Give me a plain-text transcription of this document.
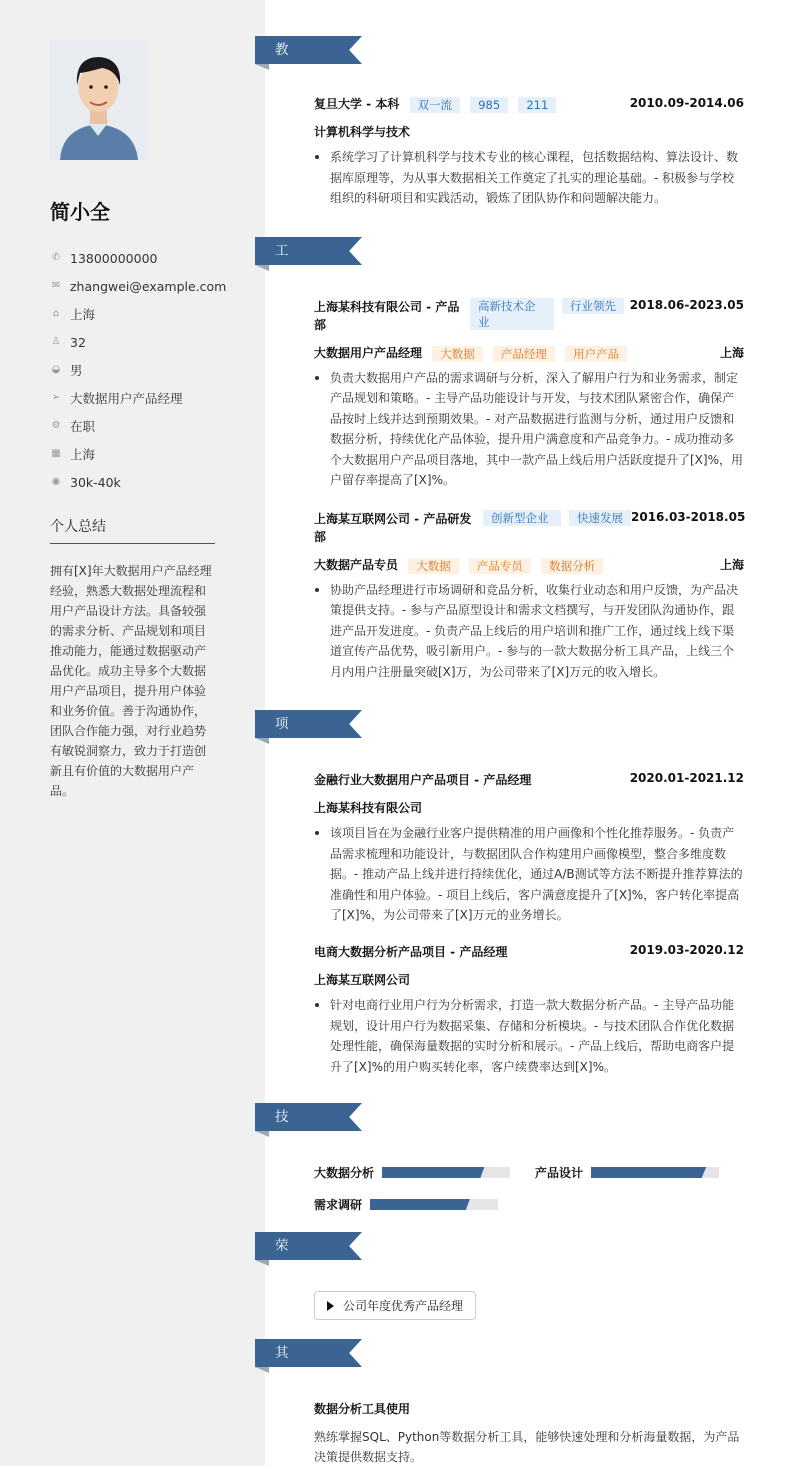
简小全
✆ 13800000000
✉ zhangwei@example.com
⌂ 上海
♙ 32
◒ 男
➢ 大数据用户产品经理
⚙ 在职
▦ 上海
◉ 30k-40k
个人总结
拥有[X]年大数据用户产品经理经验，熟悉大数据处理流程和用户产品设计方法。具备较强的需求分析、产品规划和项目推动能力，能通过数据驱动产品优化。成功主导多个大数据用户产品项目，提升用户体验和业务价值。善于沟通协作，团队合作能力强，对行业趋势有敏锐洞察力，致力于打造创新且有价值的大数据用户产品。
教育经历
复旦大学 - 本科 双一流 985 211	2010.09-2014.06
计算机科学与技术
系统学习了计算机科学与技术专业的核心课程，包括数据结构、算法设计、数据库原理等，为从事大数据相关工作奠定了扎实的理论基础。- 积极参与学校组织的科研项目和实践活动，锻炼了团队协作和问题解决能力。
工作经历
上海某科技有限公司 - 产品部
高新技术企业
行业领先	2018.06-2023.05
大数据用户产品经理 大数据 产品经理 用户产品	上海
负责大数据用户产品的需求调研与分析，深入了解用户行为和业务需求，制定产品规划和策略。- 主导产品功能设计与开发，与技术团队紧密合作，确保产品按时上线并达到预期效果。- 对产品数据进行监测与分析，通过用户反馈和数据分析，持续优化产品体验，提升用户满意度和产品竞争力。- 成功推动多个大数据用户产品项目落地，其中一款产品上线后用户活跃度提升了[X]%，用户留存率提高了[X]%。
上海某互联网公司 - 产品研发部
创新型企业	快速发展 2016.03-2018.05
大数据产品专员 大数据 产品专员 数据分析	上海
协助产品经理进行市场调研和竞品分析，收集行业动态和用户反馈，为产品决策提供支持。- 参与产品原型设计和需求文档撰写，与开发团队沟通协作，跟进产品开发进度。- 负责产品上线后的用户培训和推广工作，通过线上线下渠道宣传产品优势，吸引新用户。- 参与的一款大数据分析工具产品，上线三个月内用户注册量突破[X]万，为公司带来了[X]万元的收入增长。
项目经历
金融行业大数据用户产品项目 - 产品经理	2020.01-2021.12
上海某科技有限公司
该项目旨在为金融行业客户提供精准的用户画像和个性化推荐服务。- 负责产品需求梳理和功能设计，与数据团队合作构建用户画像模型，整合多维度数据。- 推动产品上线并进行持续优化，通过A/B测试等方法不断提升推荐算法的准确性和用户体验。- 项目上线后，客户满意度提升了[X]%，客户转化率提高了[X]%，为公司带来了[X]万元的业务增长。
电商大数据分析产品项目 - 产品经理	2019.03-2020.12
上海某互联网公司
针对电商行业用户行为分析需求，打造一款大数据分析产品。- 主导产品功能规划，设计用户行为数据采集、存储和分析模块。- 与技术团队合作优化数据处理性能，确保海量数据的实时分析和展示。- 产品上线后，帮助电商客户提升了[X]%的用户购买转化率，客户续费率达到[X]%。
技能专长
大数据分析	产品设计
需求调研
荣誉奖项
公司年度优秀产品经理
其他信息
数据分析工具使用
熟练掌握SQL、Python等数据分析工具，能够快速处理和分析海量数据，为产品决策提供数据支持。
